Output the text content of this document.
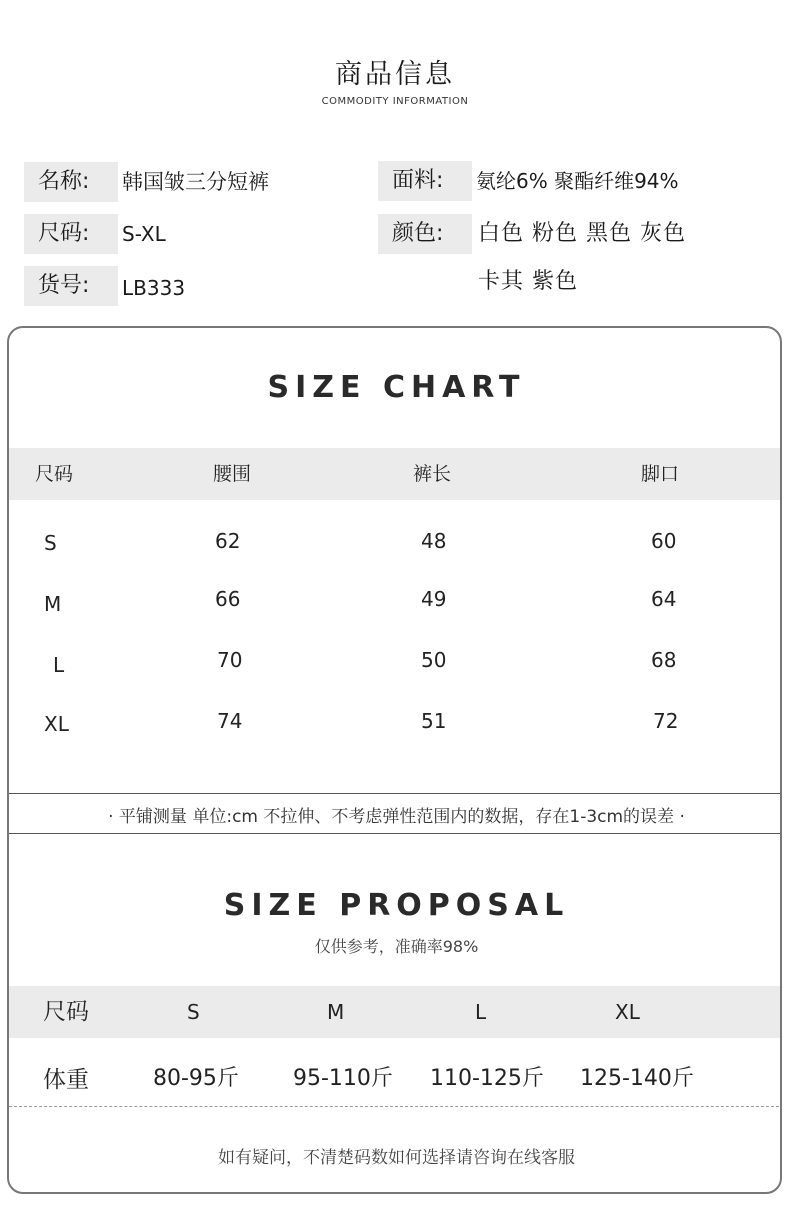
商品信息
COMMODITY INFORMATION
名称:	韩国皱三分短裤
尺码:	S-XL
货号:	LB333
面料:	氨纶6% 聚酯纤维94%
颜色:	白色 粉色 黑色 灰色
卡其 紫色
SIZE CHART
尺码	腰围	裤长	脚口
S	62	48	60
M	66	49	64
L	70	50	68
XL	74	51	72
· 平铺测量 单位:cm 不拉伸、不考虑弹性范围内的数据，存在1-3cm的误差 ·
SIZE PROPOSAL
仅供参考，准确率98%
尺码	S	M	L	XL
体重	80-95斤 95-110斤 110-125斤 125-140斤
如有疑问，不清楚码数如何选择请咨询在线客服
